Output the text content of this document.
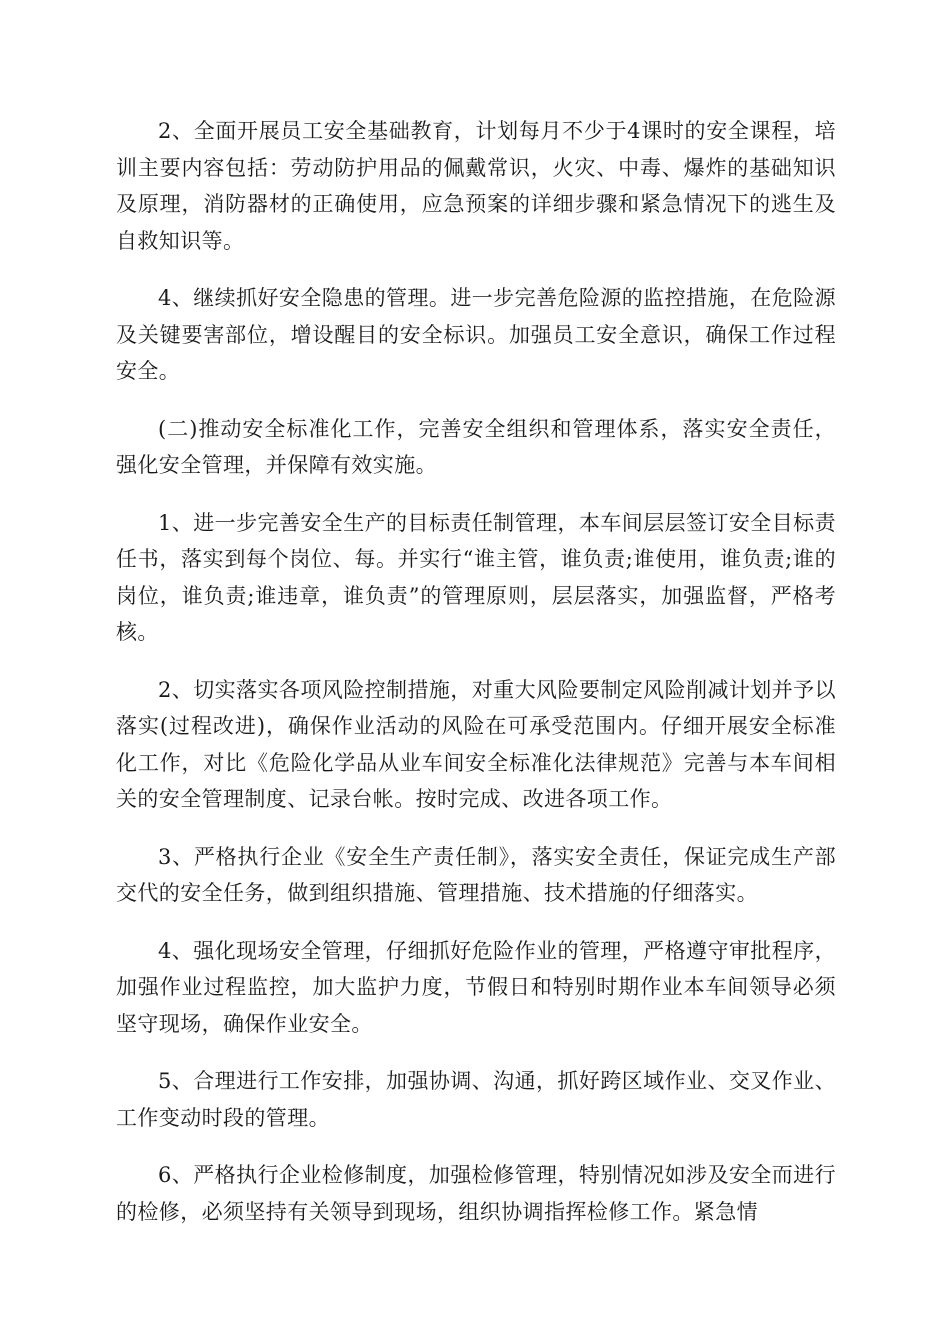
2、全面开展员工安全基础教育，计划每月不少于4课时的安全课程，培训主要内容包括：劳动防护用品的佩戴常识，火灾、中毒、爆炸的基础知识及原理，消防器材的正确使用，应急预案的详细步骤和紧急情况下的逃生及自救知识等。

4、继续抓好安全隐患的管理。进一步完善危险源的监控措施，在危险源及关键要害部位，增设醒目的安全标识。加强员工安全意识，确保工作过程安全。

(二)推动安全标准化工作，完善安全组织和管理体系，落实安全责任，强化安全管理，并保障有效实施。

1、进一步完善安全生产的目标责任制管理，本车间层层签订安全目标责任书，落实到每个岗位、每。并实行“谁主管，谁负责;谁使用，谁负责;谁的岗位，谁负责;谁违章，谁负责”的管理原则，层层落实，加强监督，严格考核。

2、切实落实各项风险控制措施，对重大风险要制定风险削减计划并予以落实(过程改进)，确保作业活动的风险在可承受范围内。仔细开展安全标准化工作，对比《危险化学品从业车间安全标准化法律规范》完善与本车间相关的安全管理制度、记录台帐。按时完成、改进各项工作。

3、严格执行企业《安全生产责任制》，落实安全责任，保证完成生产部交代的安全任务，做到组织措施、管理措施、技术措施的仔细落实。

4、强化现场安全管理，仔细抓好危险作业的管理，严格遵守审批程序，加强作业过程监控，加大监护力度，节假日和特别时期作业本车间领导必须坚守现场，确保作业安全。

5、合理进行工作安排，加强协调、沟通，抓好跨区域作业、交叉作业、工作变动时段的管理。

6、严格执行企业检修制度，加强检修管理，特别情况如涉及安全而进行的检修，必须坚持有关领导到现场，组织协调指挥检修工作。紧急情
